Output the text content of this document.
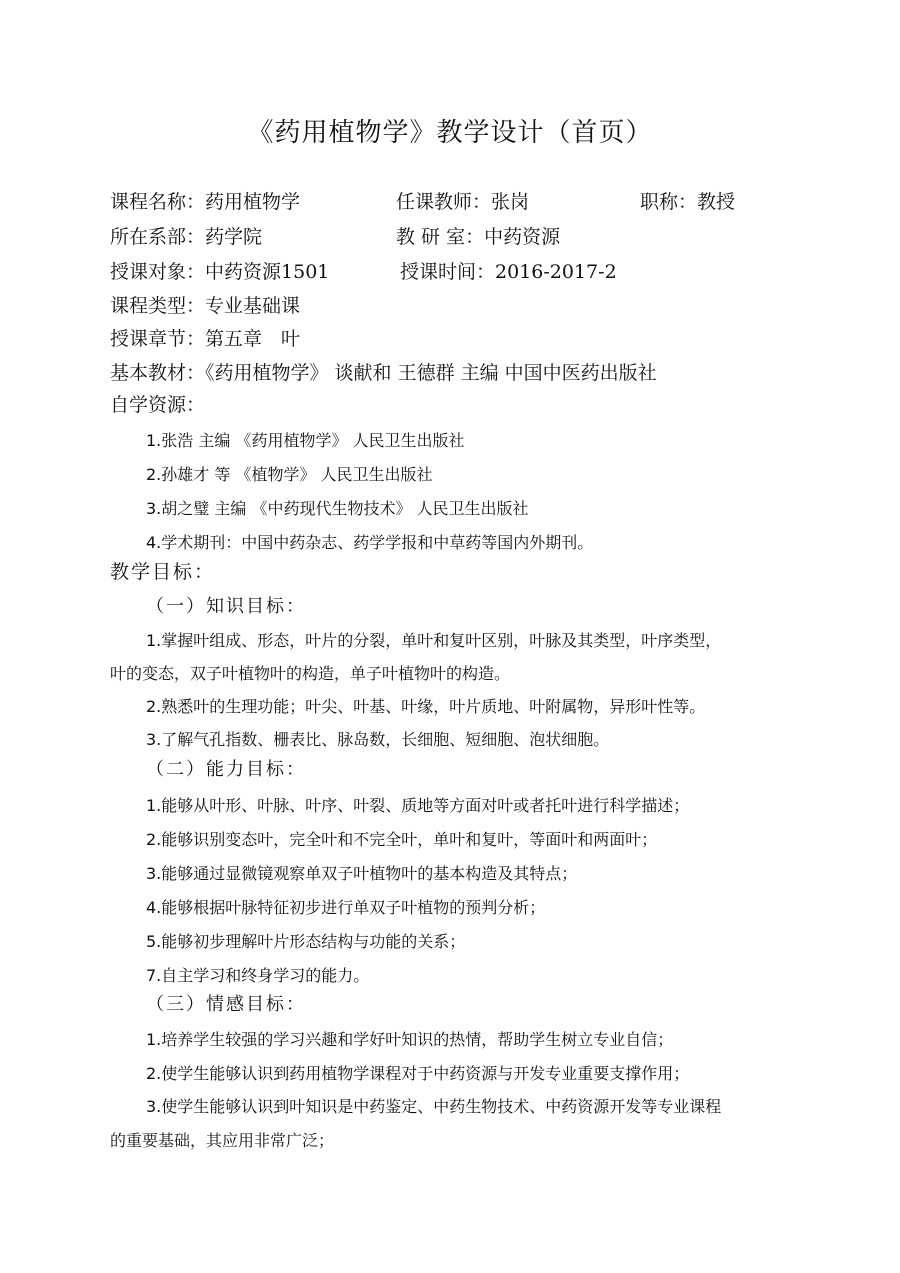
《药用植物学》教学设计（首页）
课程名称：药用植物学	任课教师：张岗	职称：教授
所在系部：药学院	教 研 室：中药资源
授课对象：中药资源1501	授课时间：2016-2017-2
课程类型：专业基础课
授课章节：第五章　叶
基本教材：《药用植物学》 谈献和 王德群 主编 中国中医药出版社
自学资源：
1.张浩 主编 《药用植物学》 人民卫生出版社
2.孙雄才 等 《植物学》 人民卫生出版社
3.胡之璧 主编 《中药现代生物技术》 人民卫生出版社
4.学术期刊：中国中药杂志、药学学报和中草药等国内外期刊。
教学目标：
（一）知识目标：
1.掌握叶组成、形态，叶片的分裂，单叶和复叶区别，叶脉及其类型，叶序类型，
叶的变态，双子叶植物叶的构造，单子叶植物叶的构造。
2.熟悉叶的生理功能；叶尖、叶基、叶缘，叶片质地、叶附属物，异形叶性等。
3.了解气孔指数、栅表比、脉岛数，长细胞、短细胞、泡状细胞。
（二）能力目标：
1.能够从叶形、叶脉、叶序、叶裂、质地等方面对叶或者托叶进行科学描述；
2.能够识别变态叶，完全叶和不完全叶，单叶和复叶，等面叶和两面叶；
3.能够通过显微镜观察单双子叶植物叶的基本构造及其特点；
4.能够根据叶脉特征初步进行单双子叶植物的预判分析；
5.能够初步理解叶片形态结构与功能的关系；
7.自主学习和终身学习的能力。
（三）情感目标：
1.培养学生较强的学习兴趣和学好叶知识的热情，帮助学生树立专业自信；
2.使学生能够认识到药用植物学课程对于中药资源与开发专业重要支撑作用；
3.使学生能够认识到叶知识是中药鉴定、中药生物技术、中药资源开发等专业课程
的重要基础，其应用非常广泛；
